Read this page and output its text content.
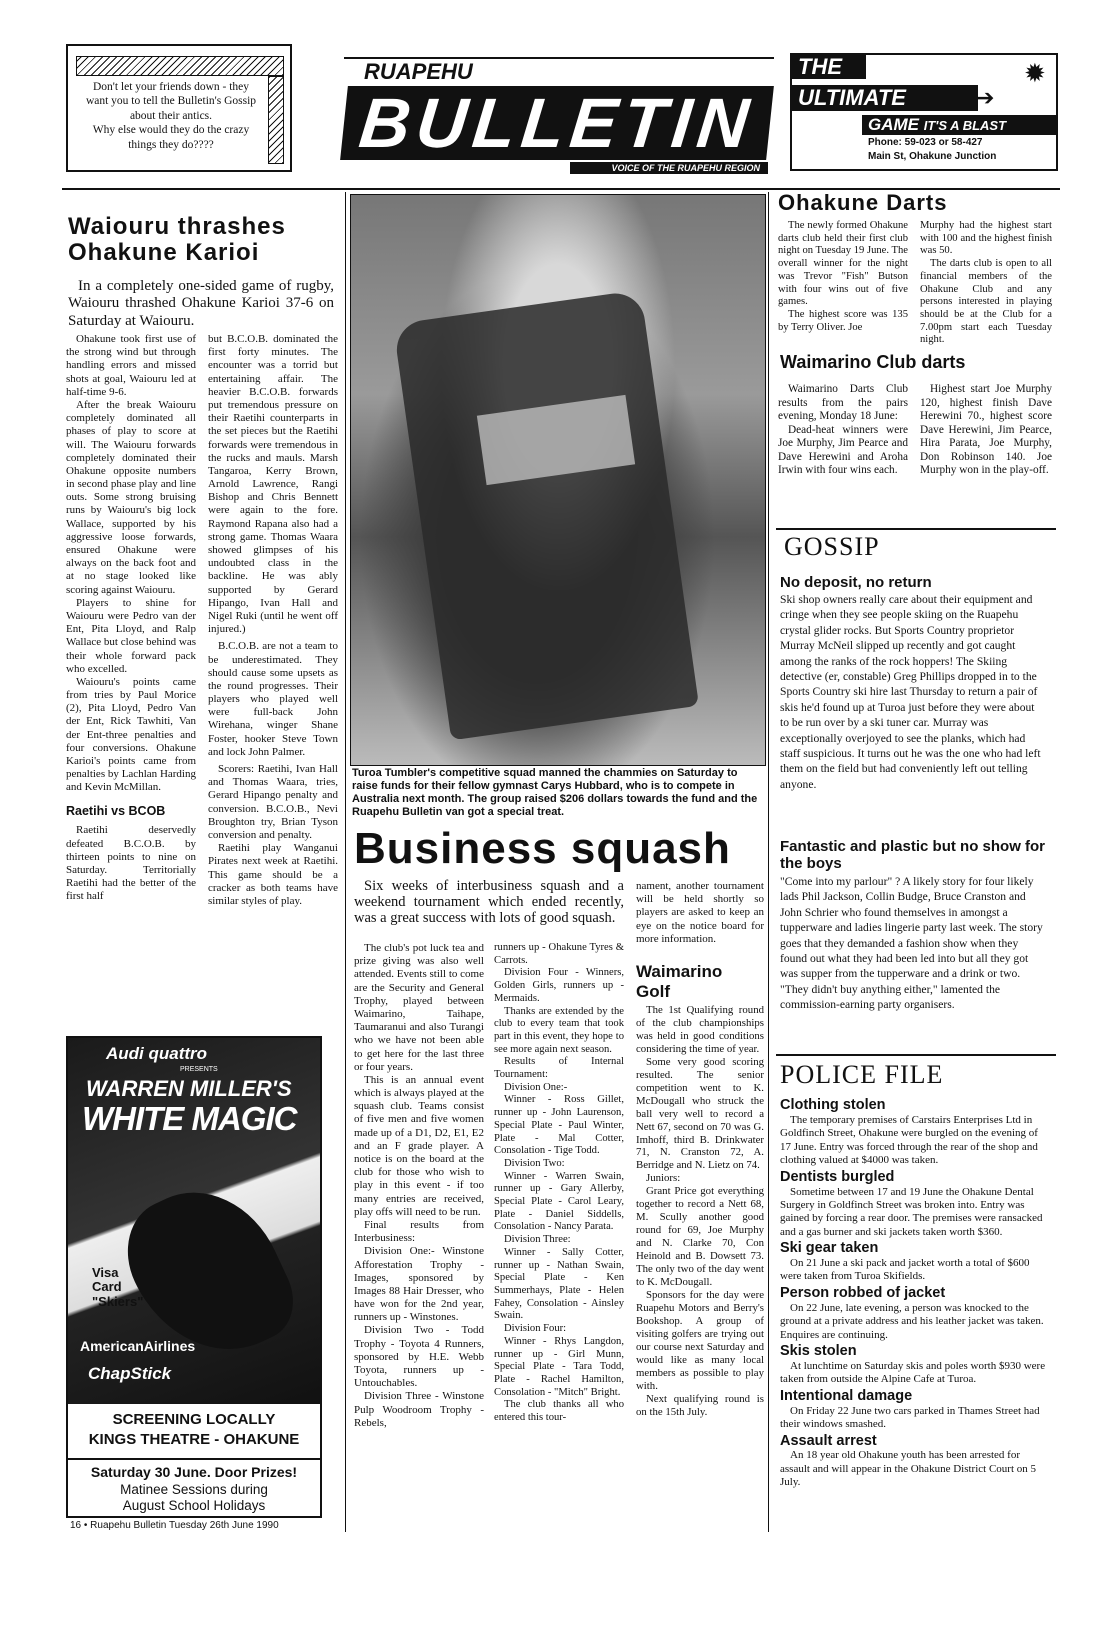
Don't let your friends down - they
want you to tell the Bulletin's Gossip
about their antics.
Why else would they do the crazy
things they do????
RUAPEHU
BULLETIN
VOICE OF THE RUAPEHU REGION
THE	✹
ULTIMATE	➔
GAME IT'S A BLAST
Phone: 59-023 or 58-427
Main St, Ohakune Junction
Waiouru thrashes
Ohakune Karioi
In a completely one-sided game of rugby, Waiouru thrashed Ohakune Karioi 37-6 on Saturday at Waiouru.

Ohakune took first use of the strong wind but through handling errors and missed shots at goal, Waiouru led at half-time 9-6.

After the break Waiouru completely dominated all phases of play to score at will. The Waiouru forwards completely dominated their Ohakune opposite numbers in second phase play and line outs. Some strong bruising runs by Waiouru's big lock Wallace, supported by his aggressive loose forwards, ensured Ohakune were always on the back foot and at no stage looked like scoring against Waiouru.

Players to shine for Waiouru were Pedro van der Ent, Pita Lloyd, and Ralp Wallace but close behind was their whole forward pack who excelled.

Waiouru's points came from tries by Paul Morice (2), Pita Lloyd, Pedro Van der Ent, Rick Tawhiti, Van der Ent-three penalties and four conversions. Ohakune Karioi's points came from penalties by Lachlan Harding and Kevin McMillan.

Raetihi vs BCOB

Raetihi deservedly defeated B.C.O.B. by thirteen points to nine on Saturday. Territorially Raetihi had the better of the first half

but B.C.O.B. dominated the first forty minutes. The encounter was a torrid but entertaining affair. The heavier B.C.O.B. forwards put tremendous pressure on their Raetihi counterparts in the set pieces but the Raetihi forwards were tremendous in the rucks and mauls. Marsh Tangaroa, Kerry Brown, Arnold Lawrence, Rangi Bishop and Chris Bennett were again to the fore. Raymond Rapana also had a strong game. Thomas Waara showed glimpses of his undoubted class in the backline. He was ably supported by Gerard Hipango, Ivan Hall and Nigel Ruki (until he went off injured.)

B.C.O.B. are not a team to be underestimated. They should cause some upsets as the round progresses. Their players who played well were full-back John Wirehana, winger Shane Foster, hooker Steve Town and lock John Palmer.

Scorers: Raetihi, Ivan Hall and Thomas Waara, tries, Gerard Hipango penalty and conversion. B.C.O.B., Nevi Broughton try, Brian Tyson conversion and penalty.

Raetihi play Wanganui Pirates next week at Raetihi. This game should be a cracker as both teams have similar styles of play.

Audi quattro
PRESENTS
WARREN MILLER'S
WHITE MAGIC
Visa
Card
"Skiers"
AmericanAirlines
ChapStick
SCREENING LOCALLY
KINGS THEATRE - OHAKUNE
Saturday 30 June. Door Prizes!
Matinee Sessions during
August School Holidays
16 • Ruapehu Bulletin Tuesday 26th June 1990
Turoa Tumbler's competitive squad manned the chammies on Saturday to raise funds for their fellow gymnast Carys Hubbard, who is to compete in Australia next month. The group raised $206 dollars towards the fund and the Ruapehu Bulletin van got a special treat.
Business squash
Six weeks of interbusiness squash and a weekend tournament which ended recently, was a great success with lots of good squash.

The club's pot luck tea and prize giving was also well attended. Events still to come are the Security and General Trophy, played between Waimarino, Taihape, Taumaranui and also Turangi who we have not been able to get here for the last three or four years.

This is an annual event which is always played at the squash club. Teams consist of five men and five women made up of a D1, D2, E1, E2 and an F grade player. A notice is on the board at the club for those who wish to play in this event - if too many entries are received, play offs will need to be run.

Final results from Interbusiness:

Division One:- Winstone Afforestation Trophy - Images, sponsored by Images 88 Hair Dresser, who have won for the 2nd year, runners up - Winstones.

Division Two - Todd Trophy - Toyota 4 Runners, sponsored by H.E. Webb Toyota, runners up - Untouchables.

Division Three - Winstone Pulp Woodroom Trophy - Rebels,

runners up - Ohakune Tyres & Carrots.

Division Four - Winners, Golden Girls, runners up - Mermaids.

Thanks are extended by the club to every team that took part in this event, they hope to see more again next season.

Results of Internal Tournament:

Division One:-

Winner - Ross Gillet, runner up - John Laurenson, Special Plate - Paul Winter, Plate - Mal Cotter, Consolation - Tige Todd.

Division Two:

Winner - Warren Swain, runner up - Gary Allerby, Special Plate - Carol Leary, Plate - Daniel Siddells, Consolation - Nancy Parata.

Division Three:

Winner - Sally Cotter, runner up - Nathan Swain, Special Plate - Ken Summerhays, Plate - Helen Fahey, Consolation - Ainsley Swain.

Division Four:

Winner - Rhys Langdon, runner up - Girl Munn, Special Plate - Tara Todd, Plate - Rachel Hamilton, Consolation - "Mitch" Bright.

The club thanks all who entered this tour-

nament, another tournament will be held shortly so players are asked to keep an eye on the notice board for more information.

Waimarino
Golf

The 1st Qualifying round of the club championships was held in good conditions considering the time of year.

Some very good scoring resulted. The senior competition went to K. McDougall who struck the ball very well to record a Nett 67, second on 70 was G. Imhoff, third B. Drinkwater 71, N. Cranston 72, A. Berridge and N. Lietz on 74.

Juniors:

Grant Price got everything together to record a Nett 68, M. Scully another good round for 69, Joe Murphy and N. Clarke 70, Con Heinold and B. Dowsett 73. The only two of the day went to K. McDougall.

Sponsors for the day were Ruapehu Motors and Berry's Bookshop. A group of visiting golfers are trying out our course next Saturday and would like as many local members as possible to play with.

Next qualifying round is on the 15th July.

Ohakune Darts

The newly formed Ohakune darts club held their first club night on Tuesday 19 June. The overall winner for the night was Trevor "Fish" Butson with four wins out of five games.

The highest score was 135 by Terry Oliver. Joe

Murphy had the highest start with 100 and the highest finish was 50.

The darts club is open to all financial members of the Ohakune Club and any persons interested in playing should be at the Club for a 7.00pm start each Tuesday night.

Waimarino Club darts

Waimarino Darts Club results from the pairs evening, Monday 18 June:

Dead-heat winners were Joe Murphy, Jim Pearce and Dave Herewini and Aroha Irwin with four wins each.

Highest start Joe Murphy 120, highest finish Dave Herewini 70., highest score Dave Herewini, Jim Pearce, Hira Parata, Joe Murphy, Don Robinson 140. Joe Murphy won in the play-off.

GOSSIP
No deposit, no return
Ski shop owners really care about their equipment and cringe when they see people skiing on the Ruapehu crystal glider rocks. But Sports Country proprietor Murray McNeil slipped up recently and got caught among the ranks of the rock hoppers! The Skiing detective (er, constable) Greg Phillips dropped in to the Sports Country ski hire last Thursday to return a pair of skis he'd found up at Turoa just before they were about to be run over by a ski tuner car. Murray was exceptionally overjoyed to see the planks, which had staff suspicious. It turns out he was the one who had left them on the field but had conveniently left out telling anyone.
Fantastic and plastic but no show for the boys
"Come into my parlour" ? A likely story for four likely lads Phil Jackson, Collin Budge, Bruce Cranston and John Schrier who found themselves in amongst a tupperware and ladies lingerie party last week. The story goes that they demanded a fashion show when they found out what they had been led into but all they got was supper from the tupperware and a drink or two. "They didn't buy anything either," lamented the commission-earning party organisers.
POLICE FILE
Clothing stolen
The temporary premises of Carstairs Enterprises Ltd in Goldfinch Street, Ohakune were burgled on the evening of 17 June. Entry was forced through the rear of the shop and clothing valued at $4000 was taken.
Dentists burgled
Sometime between 17 and 19 June the Ohakune Dental Surgery in Goldfinch Street was broken into. Entry was gained by forcing a rear door. The premises were ransacked and a gas burner and ski jackets taken worth $360.
Ski gear taken
On 21 June a ski pack and jacket worth a total of $600 were taken from Turoa Skifields.
Person robbed of jacket
On 22 June, late evening, a person was knocked to the ground at a private address and his leather jacket was taken. Enquires are continuing.
Skis stolen
At lunchtime on Saturday skis and poles worth $930 were taken from outside the Alpine Cafe at Turoa.
Intentional damage
On Friday 22 June two cars parked in Thames Street had their windows smashed.
Assault arrest
An 18 year old Ohakune youth has been arrested for assault and will appear in the Ohakune District Court on 5 July.
